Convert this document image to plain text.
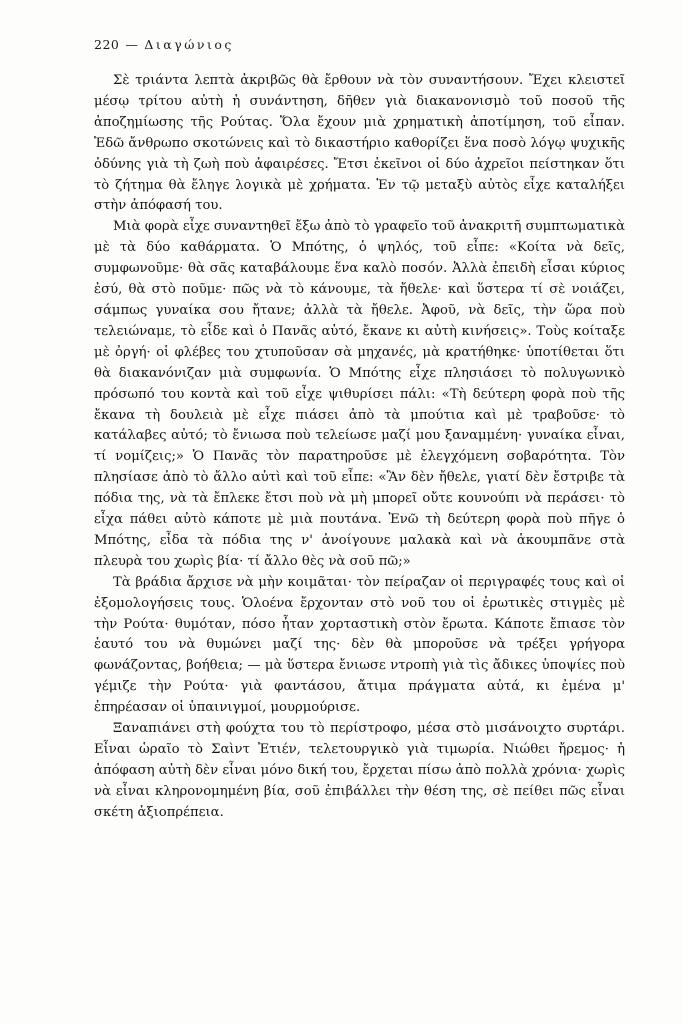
220 — Διαγώνιος

Σὲ τριάντα λεπτὰ ἀκριβῶς θὰ ἔρθουν νὰ τὸν συναντήσουν. Ἔχει κλειστεῖ μέσῳ τρίτου αὐτὴ ἡ συνάντηση, δῆθεν γιὰ διακανονισμὸ τοῦ ποσοῦ τῆς ἀποζημίωσης τῆς Ρούτας. Ὅλα ἔχουν μιὰ χρηματικὴ ἀποτίμηση, τοῦ εἶπαν. Ἐδῶ ἄνθρωπο σκοτώνεις καὶ τὸ δικαστήριο καθορίζει ἕνα ποσὸ λόγῳ ψυχικῆς ὀδύνης γιὰ τὴ ζωὴ ποὺ ἀφαιρέσες. Ἔτσι ἐκεῖνοι οἱ δύο ἀχρεῖοι πείστηκαν ὅτι τὸ ζήτημα θὰ ἔληγε λογικὰ μὲ χρήματα. Ἐν τῷ μεταξὺ αὐτὸς εἶχε καταλήξει στὴν ἀπόφασή του.

Μιὰ φορὰ εἶχε συναντηθεῖ ἔξω ἀπὸ τὸ γραφεῖο τοῦ ἀνακριτῆ συμπτωματικὰ μὲ τὰ δύο καθάρματα. Ὁ Μπότης, ὁ ψηλός, τοῦ εἶπε: «Κοίτα νὰ δεῖς, συμφωνοῦμε· θὰ σᾶς καταβάλουμε ἕνα καλὸ ποσόν. Ἀλλὰ ἐπειδὴ εἶσαι κύριος ἐσύ, θὰ στὸ ποῦμε· πῶς νὰ τὸ κάνουμε, τὰ ἤθελε· καὶ ὕστερα τί σὲ νοιάζει, σάμπως γυναίκα σου ἤτανε; ἀλλὰ τὰ ἤθελε. Ἀφοῦ, νὰ δεῖς, τὴν ὥρα ποὺ τελειώναμε, τὸ εἶδε καὶ ὁ Πανᾶς αὐτό, ἔκανε κι αὐτὴ κινήσεις». Τοὺς κοίταξε μὲ ὀργή· οἱ φλέβες του χτυποῦσαν σὰ μηχανές, μὰ κρατήθηκε· ὑποτίθεται ὅτι θὰ διακανόνιζαν μιὰ συμφωνία. Ὁ Μπότης εἶχε πλησιάσει τὸ πολυγωνικὸ πρόσωπό του κοντὰ καὶ τοῦ εἶχε ψιθυρίσει πάλι: «Τὴ δεύτερη φορὰ ποὺ τῆς ἔκανα τὴ δουλειὰ μὲ εἶχε πιάσει ἀπὸ τὰ μπούτια καὶ μὲ τραβοῦσε· τὸ κατάλαβες αὐτό; τὸ ἔνιωσα ποὺ τελείωσε μαζί μου ξαναμμένη· γυναίκα εἶναι, τί νομίζεις;» Ὁ Πανᾶς τὸν παρατηροῦσε μὲ ἐλεγχόμενη σοβαρότητα. Τὸν πλησίασε ἀπὸ τὸ ἄλλο αὐτὶ καὶ τοῦ εἶπε: «Ἂν δὲν ἤθελε, γιατί δὲν ἔστριβε τὰ πόδια της, νὰ τὰ ἔπλεκε ἔτσι ποὺ νὰ μὴ μπορεῖ οὔτε κουνούπι νὰ περάσει· τὸ εἶχα πάθει αὐτὸ κάποτε μὲ μιὰ πουτάνα. Ἐνῶ τὴ δεύτερη φορὰ ποὺ πῆγε ὁ Μπότης, εἶδα τὰ πόδια της ν' ἀνοίγουνε μαλακὰ καὶ νὰ ἀκουμπᾶνε στὰ πλευρὰ του χωρὶς βία· τί ἄλλο θὲς νὰ σοῦ πῶ;»

Τὰ βράδια ἄρχισε νὰ μὴν κοιμᾶται· τὸν πείραζαν οἱ περιγραφές τους καὶ οἱ ἐξομολογήσεις τους. Ὁλοένα ἔρχονταν στὸ νοῦ του οἱ ἐρωτικὲς στιγμὲς μὲ τὴν Ρούτα· θυμόταν, πόσο ἦταν χορταστικὴ στὸν ἔρωτα. Κάποτε ἔπιασε τὸν ἑαυτό του νὰ θυμώνει μαζί της· δὲν θὰ μποροῦσε νὰ τρέξει γρήγορα φωνάζοντας, βοήθεια; — μὰ ὕστερα ἔνιωσε ντροπὴ γιὰ τὶς ἄδικες ὑποψίες ποὺ γέμιζε τὴν Ρούτα· γιὰ φαντάσου, ἄτιμα πράγματα αὐτά, κι ἐμένα μ' ἐπηρέασαν οἱ ὑπαινιγμοί, μουρμούρισε.

Ξαναπιάνει στὴ φούχτα του τὸ περίστροφο, μέσα στὸ μισάνοιχτο συρτάρι. Εἶναι ὡραῖο τὸ Σαὶντ Ἐτιέν, τελετουργικὸ γιὰ τιμωρία. Νιώθει ἤρεμος· ἡ ἀπόφαση αὐτὴ δὲν εἶναι μόνο δική του, ἔρχεται πίσω ἀπὸ πολλὰ χρόνια· χωρὶς νὰ εἶναι κληρονομημένη βία, σοῦ ἐπιβάλλει τὴν θέση της, σὲ πείθει πῶς εἶναι σκέτη ἀξιοπρέπεια.
